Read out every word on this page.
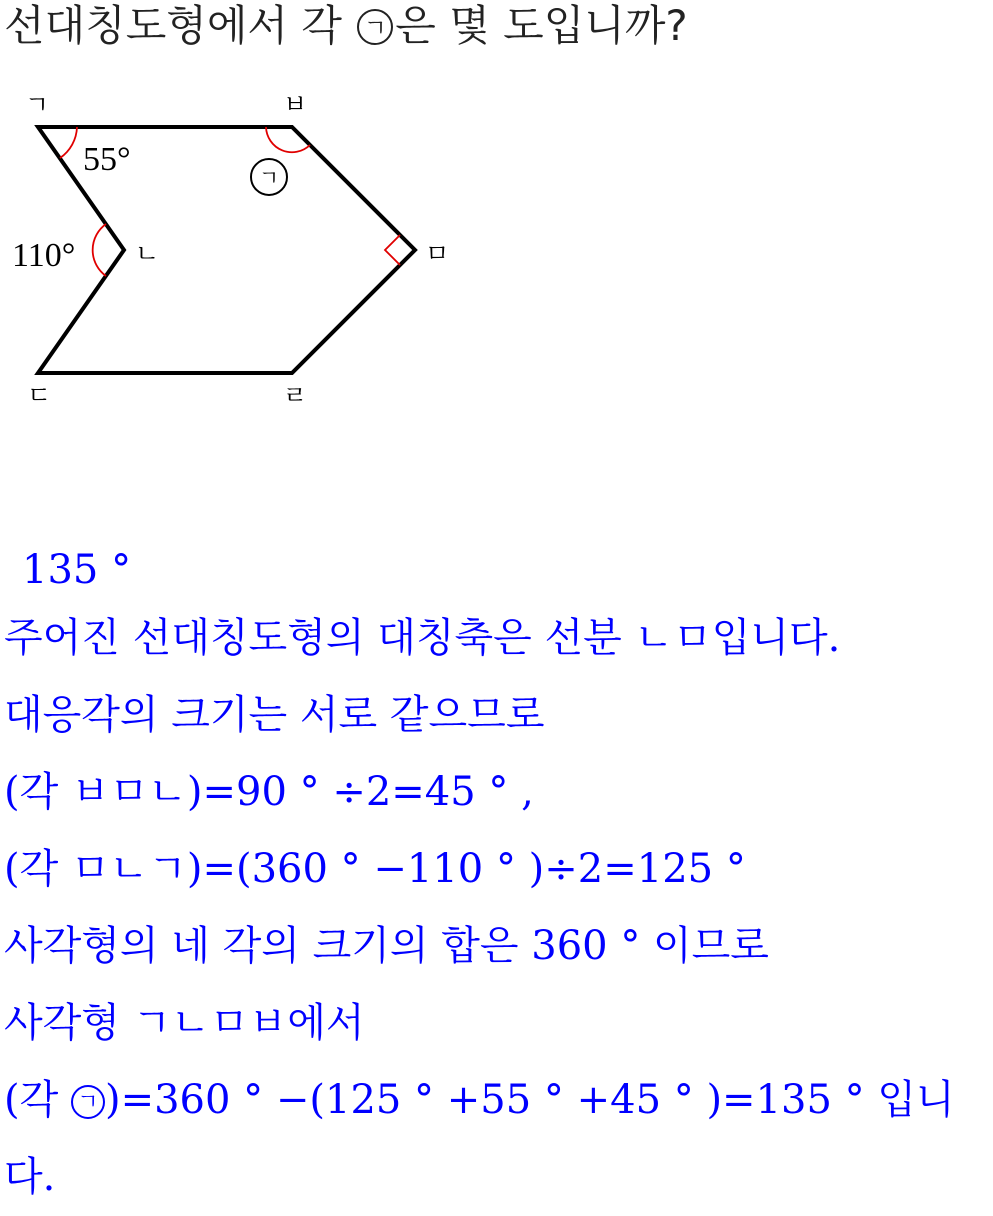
선대칭도형에서 각 ㄱ 은 몇 도입니까?
ㄱ	ㅂ
ㄴ	ㅁ
ㄷ	ㄹ
55°
110°
ㄱ
135 °
주어진 선대칭도형의 대칭축은 선분 ㄴㅁ입니다.
대응각의 크기는 서로 같으므로
(각 ㅂㅁㄴ)=90 ° ÷2=45 ° ,
(각 ㅁㄴㄱ)=(360 ° −110 ° )÷2=125 °
사각형의 네 각의 크기의 합은 360 ° 이므로
사각형 ㄱㄴㅁㅂ에서
(각 ㄱ )=360 ° −(125 ° +55 ° +45 ° )=135 ° 입니
다.
